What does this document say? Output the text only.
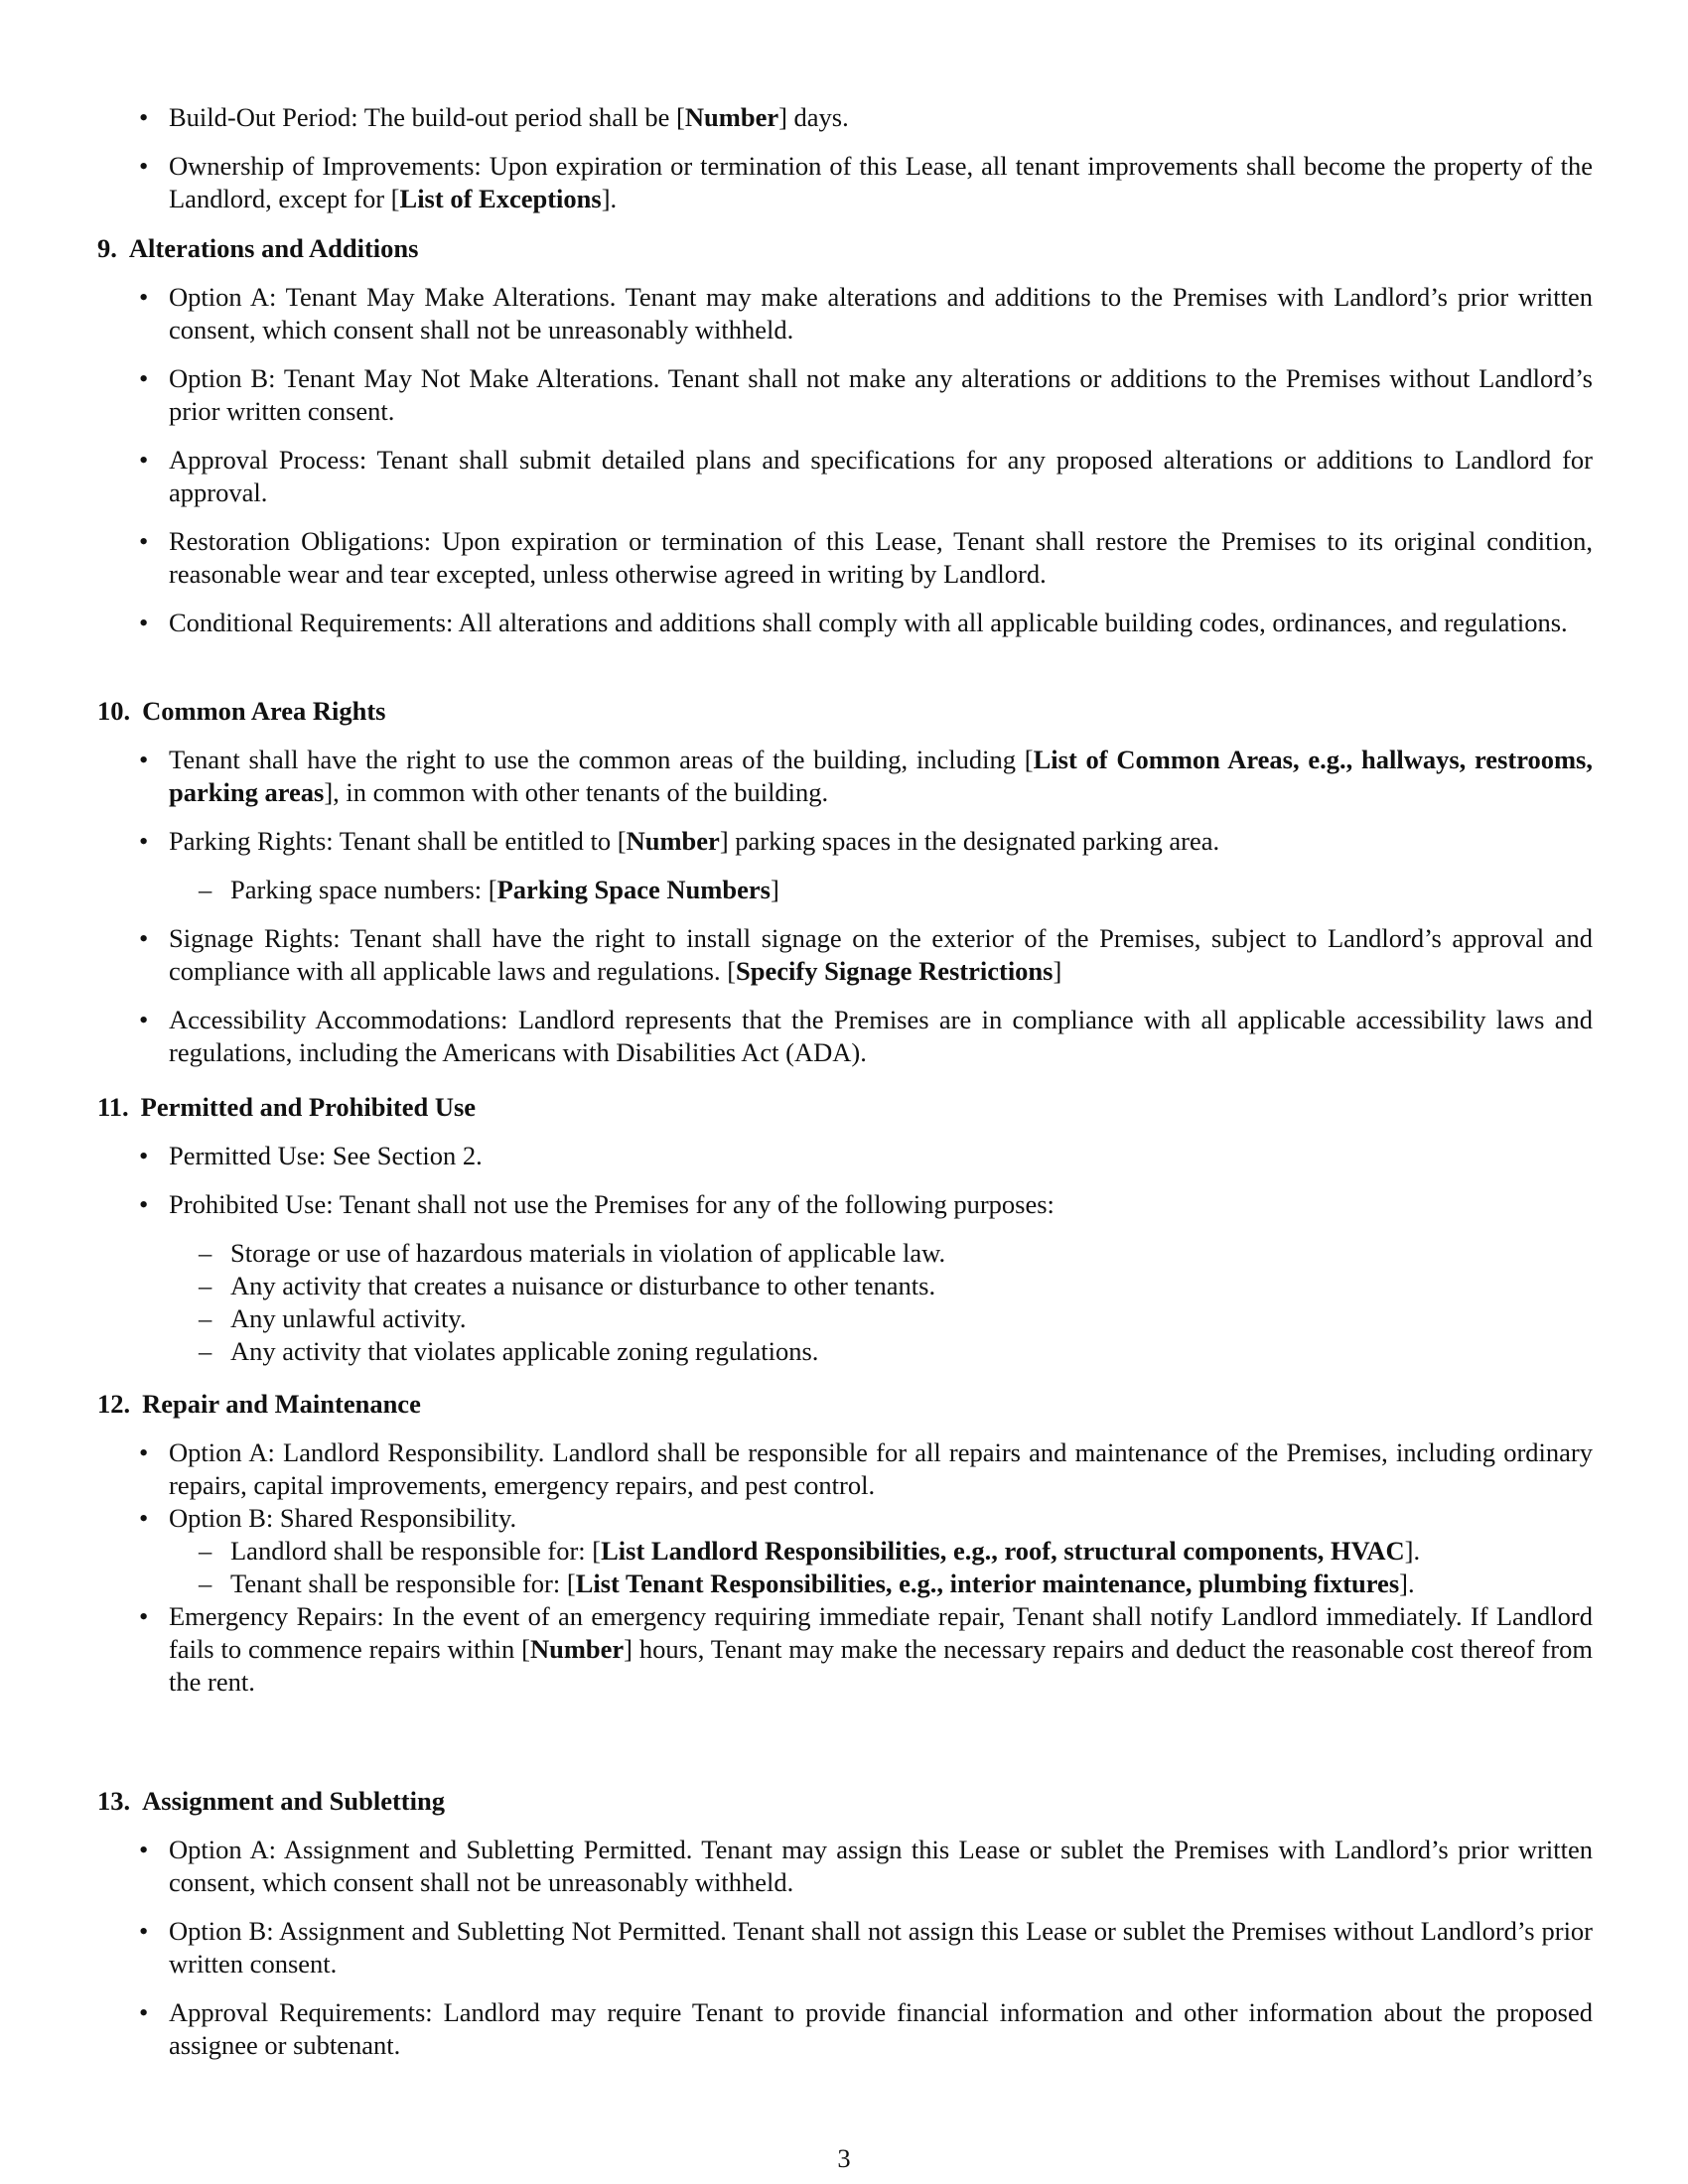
• Build-Out Period: The build-out period shall be [Number] days.
• Ownership of Improvements: Upon expiration or termination of this Lease, all tenant improvements shall become the property of the Landlord, except for [List of Exceptions].
9. Alterations and Additions
• Option A: Tenant May Make Alterations. Tenant may make alterations and additions to the Premises with Landlord’s prior written consent, which consent shall not be unreasonably withheld.
• Option B: Tenant May Not Make Alterations. Tenant shall not make any alterations or additions to the Premises without Landlord’s prior written consent.
• Approval Process: Tenant shall submit detailed plans and specifications for any proposed alterations or additions to Landlord for approval.
• Restoration Obligations: Upon expiration or termination of this Lease, Tenant shall restore the Premises to its original condition, reasonable wear and tear excepted, unless otherwise agreed in writing by Landlord.
• Conditional Requirements: All alterations and additions shall comply with all applicable building codes, ordinances, and regulations.
10. Common Area Rights
• Tenant shall have the right to use the common areas of the building, including [List of Common Areas, e.g., hallways, restrooms, parking areas], in common with other tenants of the building.
• Parking Rights: Tenant shall be entitled to [Number] parking spaces in the designated parking area.
– Parking space numbers: [Parking Space Numbers]
• Signage Rights: Tenant shall have the right to install signage on the exterior of the Premises, subject to Landlord’s approval and compliance with all applicable laws and regulations. [Specify Signage Restrictions]
• Accessibility Accommodations: Landlord represents that the Premises are in compliance with all applicable accessibility laws and regulations, including the Americans with Disabilities Act (ADA).
11. Permitted and Prohibited Use
• Permitted Use: See Section 2.
• Prohibited Use: Tenant shall not use the Premises for any of the following purposes:
– Storage or use of hazardous materials in violation of applicable law.
– Any activity that creates a nuisance or disturbance to other tenants.
– Any unlawful activity.
– Any activity that violates applicable zoning regulations.
12. Repair and Maintenance
• Option A: Landlord Responsibility. Landlord shall be responsible for all repairs and maintenance of the Premises, including ordinary repairs, capital improvements, emergency repairs, and pest control.
• Option B: Shared Responsibility.
– Landlord shall be responsible for: [List Landlord Responsibilities, e.g., roof, structural components, HVAC].
– Tenant shall be responsible for: [List Tenant Responsibilities, e.g., interior maintenance, plumbing fixtures].
• Emergency Repairs: In the event of an emergency requiring immediate repair, Tenant shall notify Landlord immediately. If Landlord fails to commence repairs within [Number] hours, Tenant may make the necessary repairs and deduct the reasonable cost thereof from the rent.
13. Assignment and Subletting
• Option A: Assignment and Subletting Permitted. Tenant may assign this Lease or sublet the Premises with Landlord’s prior written consent, which consent shall not be unreasonably withheld.
• Option B: Assignment and Subletting Not Permitted. Tenant shall not assign this Lease or sublet the Premises without Landlord’s prior written consent.
• Approval Requirements: Landlord may require Tenant to provide financial information and other information about the proposed assignee or subtenant.
3
